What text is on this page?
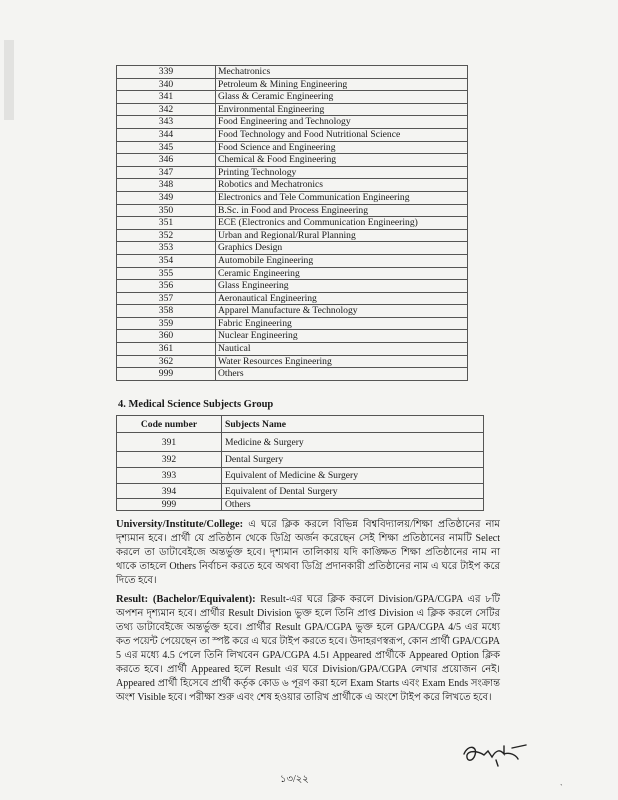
339	Mechatronics
340	Petroleum & Mining Engineering
341	Glass & Ceramic Engineering
342	Environmental Engineering
343	Food Engineering and Technology
344	Food Technology and Food Nutritional Science
345	Food Science and Engineering
346	Chemical & Food Engineering
347	Printing Technology
348	Robotics and Mechatronics
349	Electronics and Tele Communication Engineering
350	B.Sc. in Food and Process Engineering
351	ECE (Electronics and Communication Engineering)
352	Urban and Regional/Rural Planning
353	Graphics Design
354	Automobile Engineering
355	Ceramic Engineering
356	Glass Engineering
357	Aeronautical Engineering
358	Apparel Manufacture & Technology
359	Fabric Engineering
360	Nuclear Engineering
361	Nautical
362	Water Resources Engineering
999	Others
4. Medical Science Subjects Group
Code number	Subjects Name
391	Medicine & Surgery
392	Dental Surgery
393	Equivalent of Medicine & Surgery
394	Equivalent of Dental Surgery
999	Others
University/Institute/College: এ ঘরে ক্লিক করলে বিভিন্ন বিশ্ববিদ্যালয়/শিক্ষা প্রতিষ্ঠানের নাম দৃশ্যমান হবে। প্রার্থী যে প্রতিষ্ঠান থেকে ডিগ্রি অর্জন করেছেন সেই শিক্ষা প্রতিষ্ঠানের নামটি Select করলে তা ডাটাবেইজে অন্তর্ভুক্ত হবে। দৃশ্যমান তালিকায় যদি কাঙ্ক্ষিত শিক্ষা প্রতিষ্ঠানের নাম না থাকে তাহলে Others নির্বাচন করতে হবে অথবা ডিগ্রি প্রদানকারী প্রতিষ্ঠানের নাম এ ঘরে টাইপ করে দিতে হবে।
Result: (Bachelor/Equivalent): Result-এর ঘরে ক্লিক করলে Division/GPA/CGPA এর ৮টি অপশন দৃশ্যমান হবে। প্রার্থীর Result Division ভুক্ত হলে তিনি প্রাপ্ত Division এ ক্লিক করলে সেটির তথ্য ডাটাবেইজে অন্তর্ভুক্ত হবে। প্রার্থীর Result GPA/CGPA ভুক্ত হলে GPA/CGPA 4/5 এর মধ্যে কত পয়েন্ট পেয়েছেন তা স্পষ্ট করে এ ঘরে টাইপ করতে হবে। উদাহরণস্বরূপ, কোন প্রার্থী GPA/CGPA 5 এর মধ্যে 4.5 পেলে তিনি লিখবেন GPA/CGPA 4.5। Appeared প্রার্থীকে Appeared Option ক্লিক করতে হবে। প্রার্থী Appeared হলে Result এর ঘরে Division/GPA/CGPA লেখার প্রয়োজন নেই। Appeared প্রার্থী হিসেবে প্রার্থী কর্তৃক কোড ৬ পূরণ করা হলে Exam Starts এবং Exam Ends সংক্রান্ত অংশ Visible হবে। পরীক্ষা শুরু এবং শেষ হওয়ার তারিখ প্রার্থীকে এ অংশে টাইপ করে লিখতে হবে।
১৩/২২
`
